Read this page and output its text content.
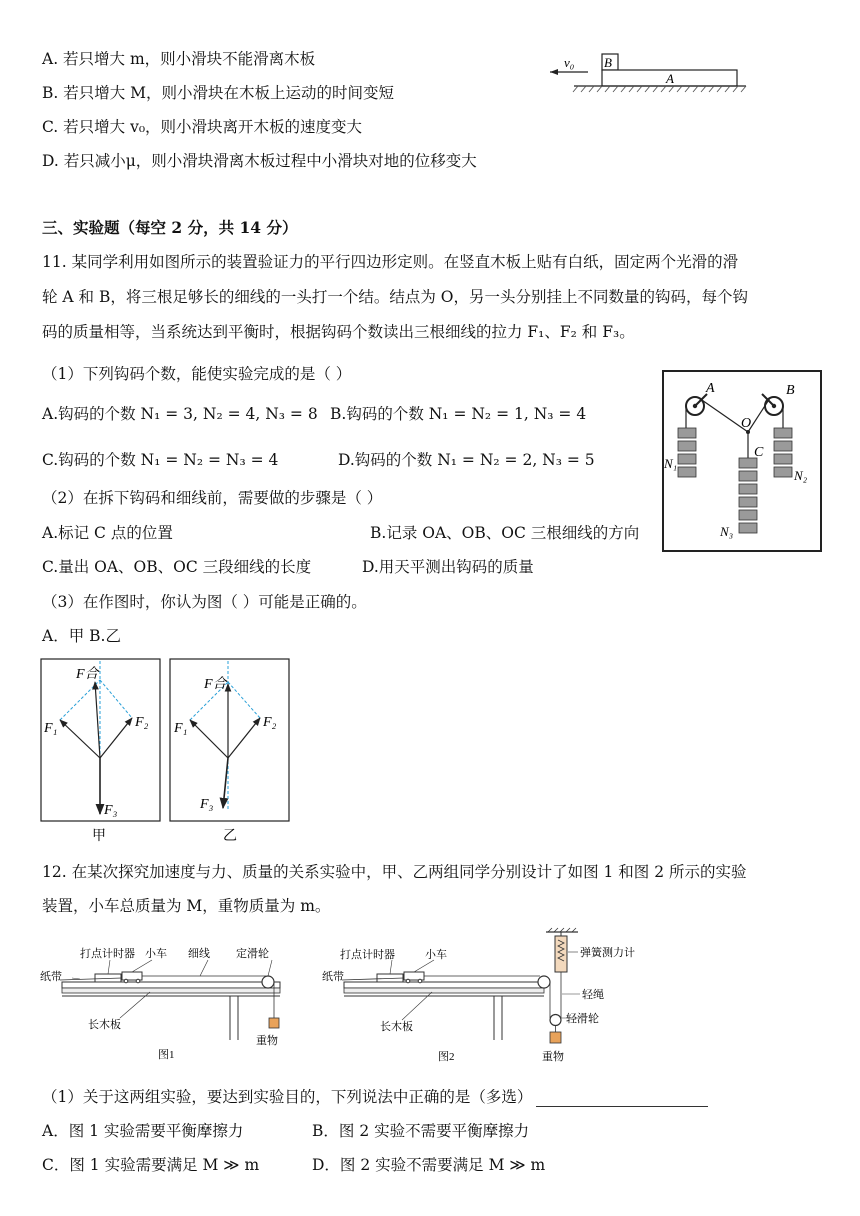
A. 若只增大 m，则小滑块不能滑离木板
B. 若只增大 M，则小滑块在木板上运动的时间变短
C. 若只增大 v₀，则小滑块离开木板的速度变大
D. 若只减小μ，则小滑块滑离木板过程中小滑块对地的位移变大
v₀ B
A
三、实验题（每空 2 分，共 14 分）
11. 某同学利用如图所示的装置验证力的平行四边形定则。在竖直木板上贴有白纸，固定两个光滑的滑
轮 A 和 B，将三根足够长的细线的一头打一个结。结点为 O，另一头分别挂上不同数量的钩码，每个钩
码的质量相等，当系统达到平衡时，根据钩码个数读出三根细线的拉力 F₁、F₂ 和 F₃。
（1）下列钩码个数，能使实验完成的是（ ）
A.钩码的个数 N₁ = 3, N₂ = 4, N₃ = 8 B.钩码的个数 N₁ = N₂ = 1, N₃ = 4
C.钩码的个数 N₁ = N₂ = N₃ = 4	D.钩码的个数 N₁ = N₂ = 2, N₃ = 5
（2）在拆下钩码和细线前，需要做的步骤是（ ）
A.标记 C 点的位置	B.记录 OA、OB、OC 三根细线的方向
C.量出 OA、OB、OC 三段细线的长度	D.用天平测出钩码的质量
（3）在作图时，你认为图（ ）可能是正确的。
A．甲 B.乙
A	B
O
C
N₁
N₂
N₃
F合
F₁	F₂
F₃
甲
F合
F₁	F₂
F₃
乙
12. 在某次探究加速度与力、质量的关系实验中，甲、乙两组同学分别设计了如图 1 和图 2 所示的实验
装置，小车总质量为 M，重物质量为 m。
打点计时器 小车 细线 定滑轮
纸带
长木板
重物
图1
打点计时器	小车
纸带
长木板
弹簧测力计
轻绳
轻滑轮
重物
图2
（1）关于这两组实验，要达到实验目的，下列说法中正确的是（多选）
A．图 1 实验需要平衡摩擦力	B．图 2 实验不需要平衡摩擦力
C．图 1 实验需要满足 M ≫ m	D．图 2 实验不需要满足 M ≫ m
